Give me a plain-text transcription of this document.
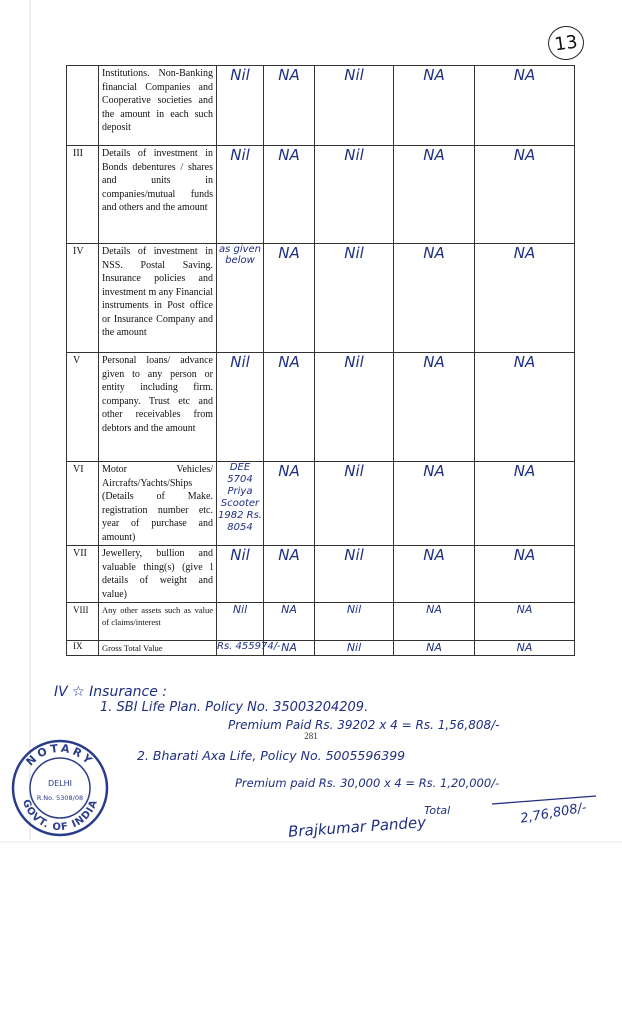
13
	Institutions. Non-Banking financial Companies and Cooperative societies and the amount in each such deposit	Nil	NA	Nil	NA	NA
III	Details of investment in Bonds debentures / shares and units in companies/mutual funds and others and the amount	Nil	NA	Nil	NA	NA
IV	Details of investment in NSS. Postal Saving. Insurance policies and investment m any Financial instruments in Post office or Insurance Company and the amount	as given below	NA	Nil	NA	NA
V	Personal loans/ advance given to any person or entity including firm. company. Trust etc and other receivables from debtors and the amount	Nil	NA	Nil	NA	NA
VI	Motor Vehicles/ Aircrafts/Yachts/Ships (Details of Make. registration number etc. year of purchase and amount)	DEE 5704 Priya Scooter 1982 Rs. 8054	NA	Nil	NA	NA
VII	Jewellery, bullion and valuable thing(s) (give l details of weight and value)	Nil	NA	Nil	NA	NA
VIII	Any other assets such as value of claims/interest	Nil	NA	Nil	NA	NA
IX	Gross Total Value	Rs. 455974/-	NA	Nil	NA	NA
IV ☆ Insurance :
1. SBI Life Plan. Policy No. 35003204209.
Premium Paid Rs. 39202 x 4 = Rs. 1,56,808/-
281
2. Bharati Axa Life, Policy No. 5005596399
Premium paid Rs. 30,000 x 4 = Rs. 1,20,000/-
Total	2,76,808/-
Brajkumar Pandey
NOTARY
GOVT. OF INDIA
DELHI
R.No. 5308/08
